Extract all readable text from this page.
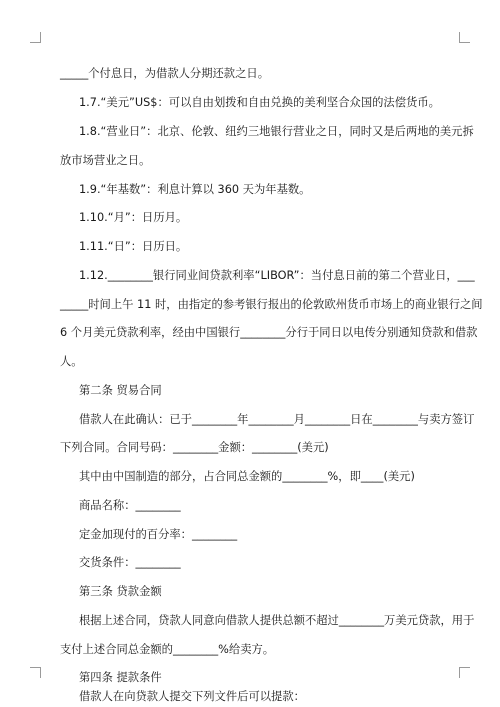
_____个付息日，为借款人分期还款之日。
1.7.“美元”US$：可以自由划拨和自由兑换的美利坚合众国的法偿货币。
1.8.“营业日”：北京、伦敦、纽约三地银行营业之日，同时又是后两地的美元拆
放市场营业之日。
1.9.“年基数”：利息计算以 360 天为年基数。
1.10.“月”：日历月。
1.11.“日”：日历日。
1.12.________银行同业间贷款利率“LIBOR”：当付息日前的第二个营业日，___
_____时间上午 11 时，由指定的参考银行报出的伦敦欧州货币市场上的商业银行之间
6 个月美元贷款利率，经由中国银行________分行于同日以电传分别通知贷款和借款
人。
第二条 贸易合同
借款人在此确认：已于________年________月________日在________与卖方签订
下列合同。合同号码：________金额：________(美元)
其中由中国制造的部分，占合同总金额的________%，即____(美元)
商品名称：________
定金加现付的百分率：________
交货条件：________
第三条 贷款金额
根据上述合同，贷款人同意向借款人提供总额不超过________万美元贷款，用于
支付上述合同总金额的________%给卖方。
第四条 提款条件
借款人在向贷款人提交下列文件后可以提款：
